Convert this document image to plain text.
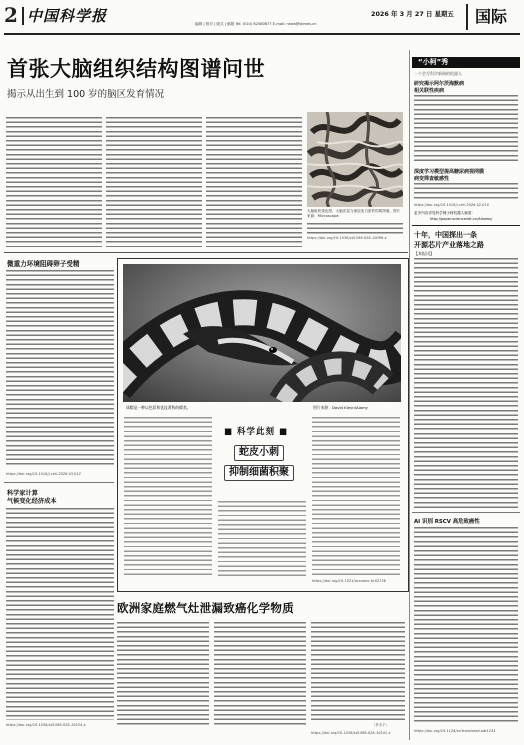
2 中国科学报	2026 年 3 月 27 日 星期五
编辑 | 校对 | 版式 | 邮箱 Tel: (010) 62580677 E-mail: news@stimes.cn	国际
首张大脑组织结构图谱问世
揭示从出生到 100 岁的脑区发育情况
大脑组织染色图，大脑皮层与深层灰白质的结构图谱。图片来源：Microscape
https://doi.org/10.1038/s41586-026-10099-x
微重力环境阻碍卵子受精
https://doi.org/10.1016/j.cell.2026.03.012
科学家计算
气候变化经济成本
https://doi.org/10.1038/s41586-026-10234-x
球蟒是一种以色彩和花纹著称的蟒类。	图片来源：David Kleyn/Alamy
■ 科学此刻 ■
蛇皮小刺
抑制细菌积聚
https://doi.org/10.1021/acsnano.6c02736
欧洲家庭燃气灶泄漏致癌化学物质
（李木子）
https://doi.org/10.1038/s41586-026-10241-z
“小柯”秀
一个会写科学新闻的机器人
研究揭示阿尔茨海默病
相关联性疾病
深度学习模型提高糖尿病视网膜
病变筛查敏感性
https://doi.org/10.1016/j.cell.2026.02.010
更多内容详见科学网小柯机器人频道：
http://paper.sciencenet.cn/AInews/
十年，中国探出一条
开源芯片产业落地之路
【本报讯】
AI 识别 RSCV 高危致癌性
https://doi.org/10.1126/scitranslmed.adr1234
